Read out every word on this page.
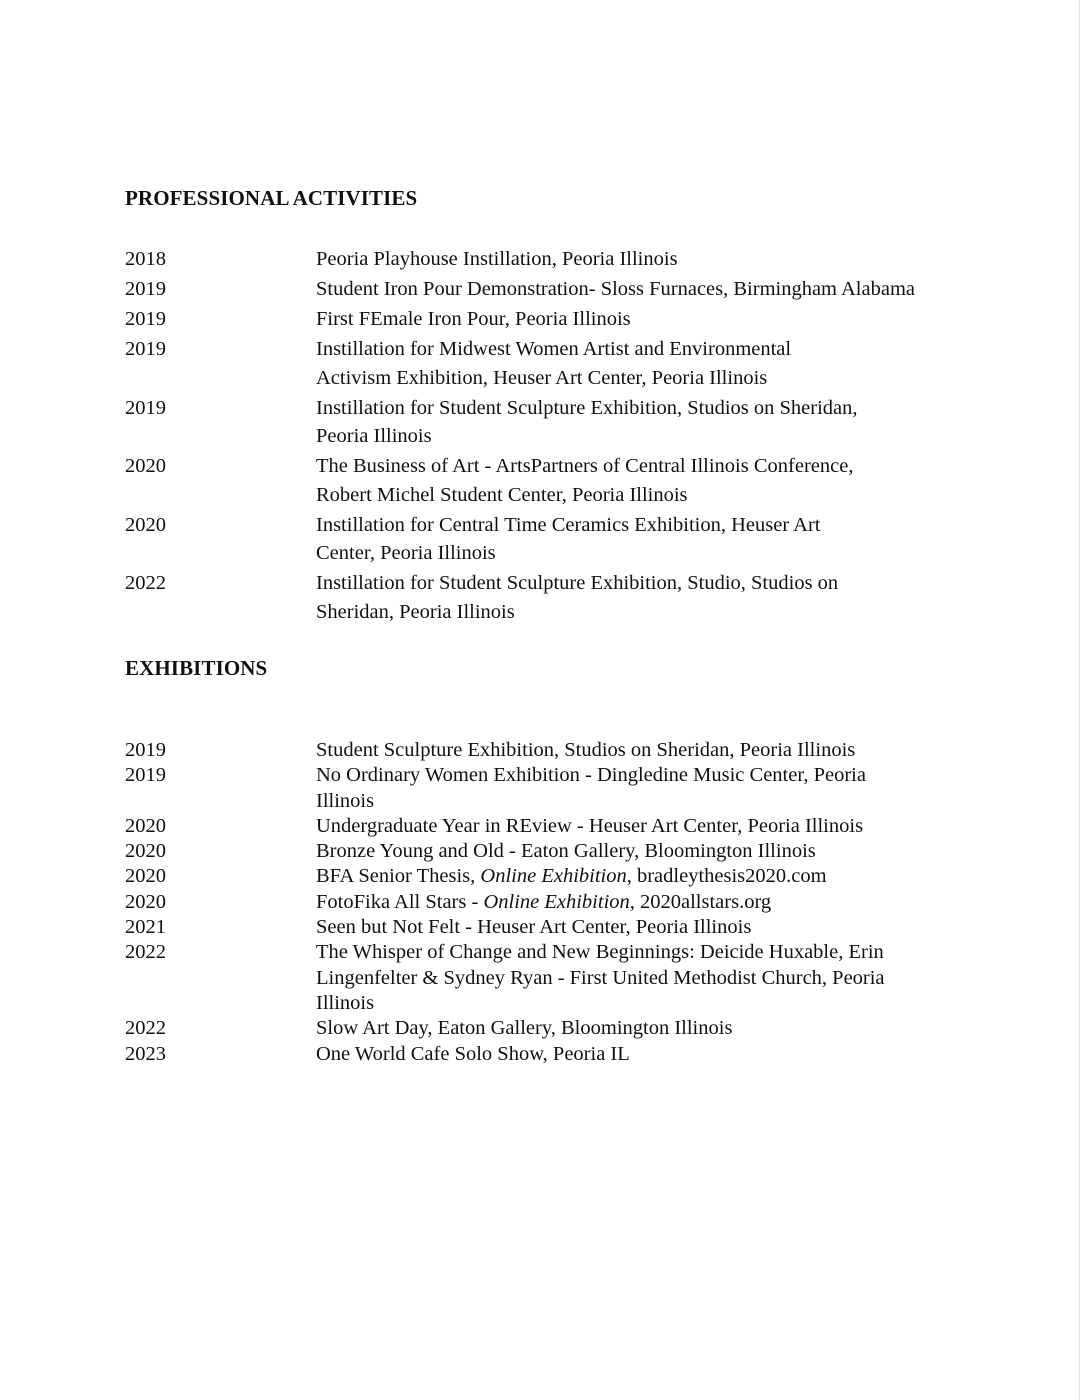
PROFESSIONAL ACTIVITIES
2018	Peoria Playhouse Instillation, Peoria Illinois
2019	Student Iron Pour Demonstration- Sloss Furnaces, Birmingham Alabama
2019	First FEmale Iron Pour, Peoria Illinois
2019	Instillation for Midwest Women Artist and Environmental
Activism Exhibition, Heuser Art Center, Peoria Illinois
2019	Instillation for Student Sculpture Exhibition, Studios on Sheridan,
Peoria Illinois
2020	The Business of Art - ArtsPartners of Central Illinois Conference,
Robert Michel Student Center, Peoria Illinois
2020	Instillation for Central Time Ceramics Exhibition, Heuser Art
Center, Peoria Illinois
2022	Instillation for Student Sculpture Exhibition, Studio, Studios on
Sheridan, Peoria Illinois
EXHIBITIONS
2019	Student Sculpture Exhibition, Studios on Sheridan, Peoria Illinois
2019	No Ordinary Women Exhibition - Dingledine Music Center, Peoria
Illinois
2020	Undergraduate Year in REview - Heuser Art Center, Peoria Illinois
2020	Bronze Young and Old - Eaton Gallery, Bloomington Illinois
2020	BFA Senior Thesis, Online Exhibition, bradleythesis2020.com
2020	FotoFika All Stars - Online Exhibition, 2020allstars.org
2021	Seen but Not Felt - Heuser Art Center, Peoria Illinois
2022	The Whisper of Change and New Beginnings: Deicide Huxable, Erin
Lingenfelter & Sydney Ryan - First United Methodist Church, Peoria
Illinois
2022	Slow Art Day, Eaton Gallery, Bloomington Illinois
2023	One World Cafe Solo Show, Peoria IL
